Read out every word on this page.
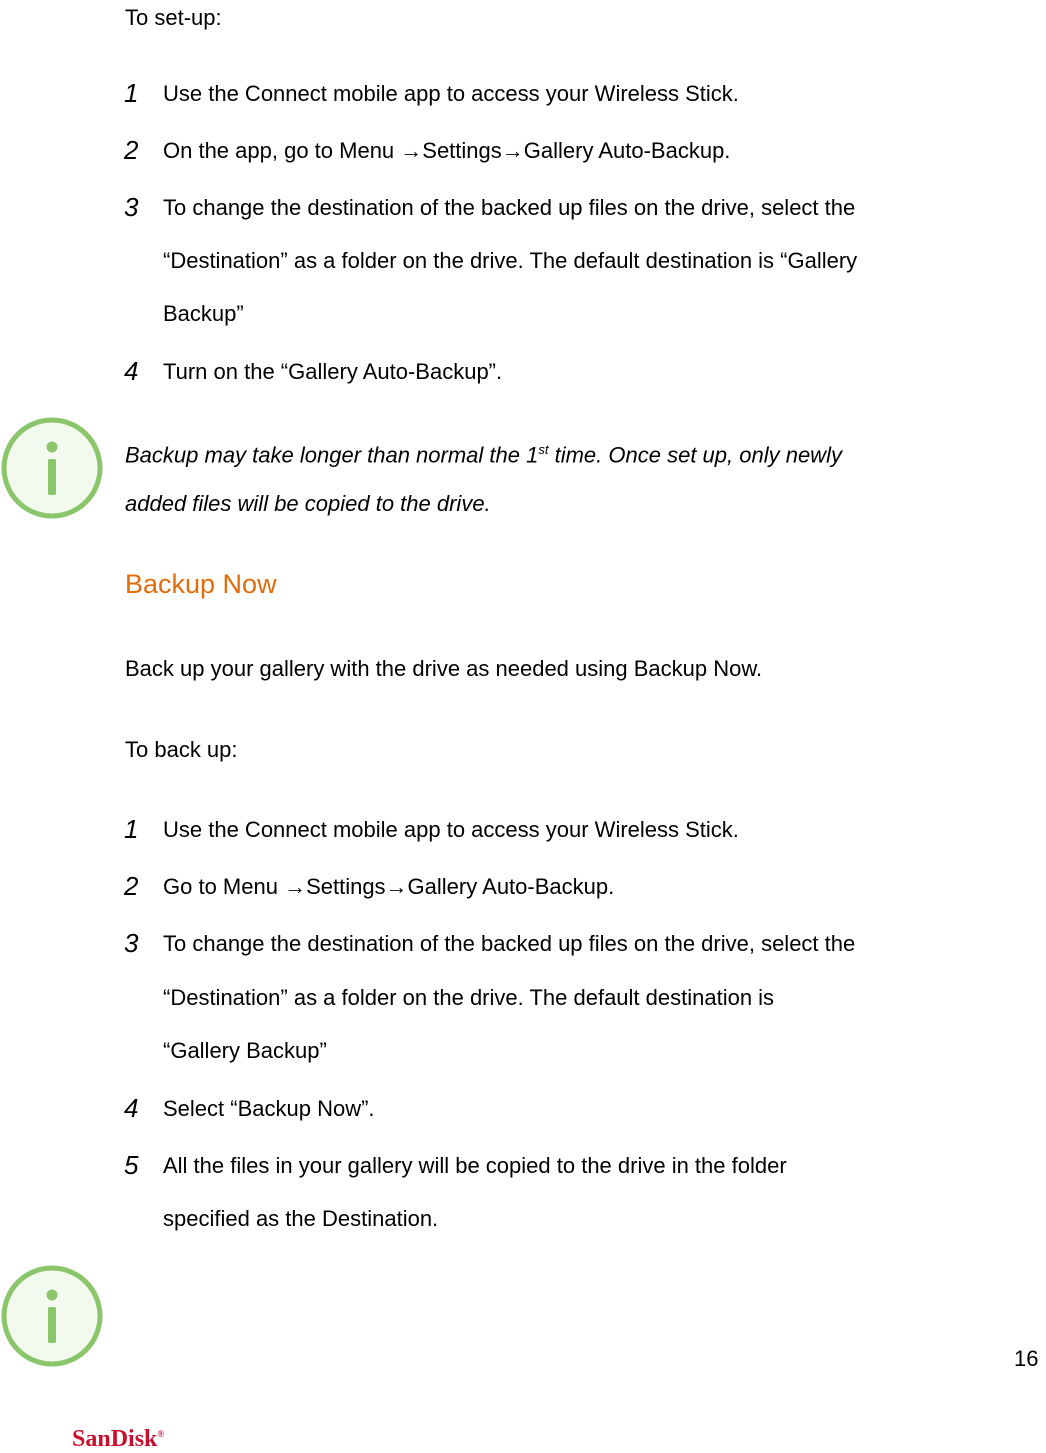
To set-up:
1	Use the Connect mobile app to access your Wireless Stick.
2	On the app, go to Menu →Settings→Gallery Auto-Backup.
3	To change the destination of the backed up files on the drive, select the
“Destination” as a folder on the drive. The default destination is “Gallery
Backup”
4	Turn on the “Gallery Auto-Backup”.
Backup may take longer than normal the 1st time. Once set up, only newly
added files will be copied to the drive.
Backup Now
Back up your gallery with the drive as needed using Backup Now.
To back up:
1	Use the Connect mobile app to access your Wireless Stick.
2	Go to Menu →Settings→Gallery Auto-Backup.
3	To change the destination of the backed up files on the drive, select the
“Destination” as a folder on the drive. The default destination is
“Gallery Backup”
4	Select “Backup Now”.
5	All the files in your gallery will be copied to the drive in the folder
specified as the Destination.
16
SanDisk®
